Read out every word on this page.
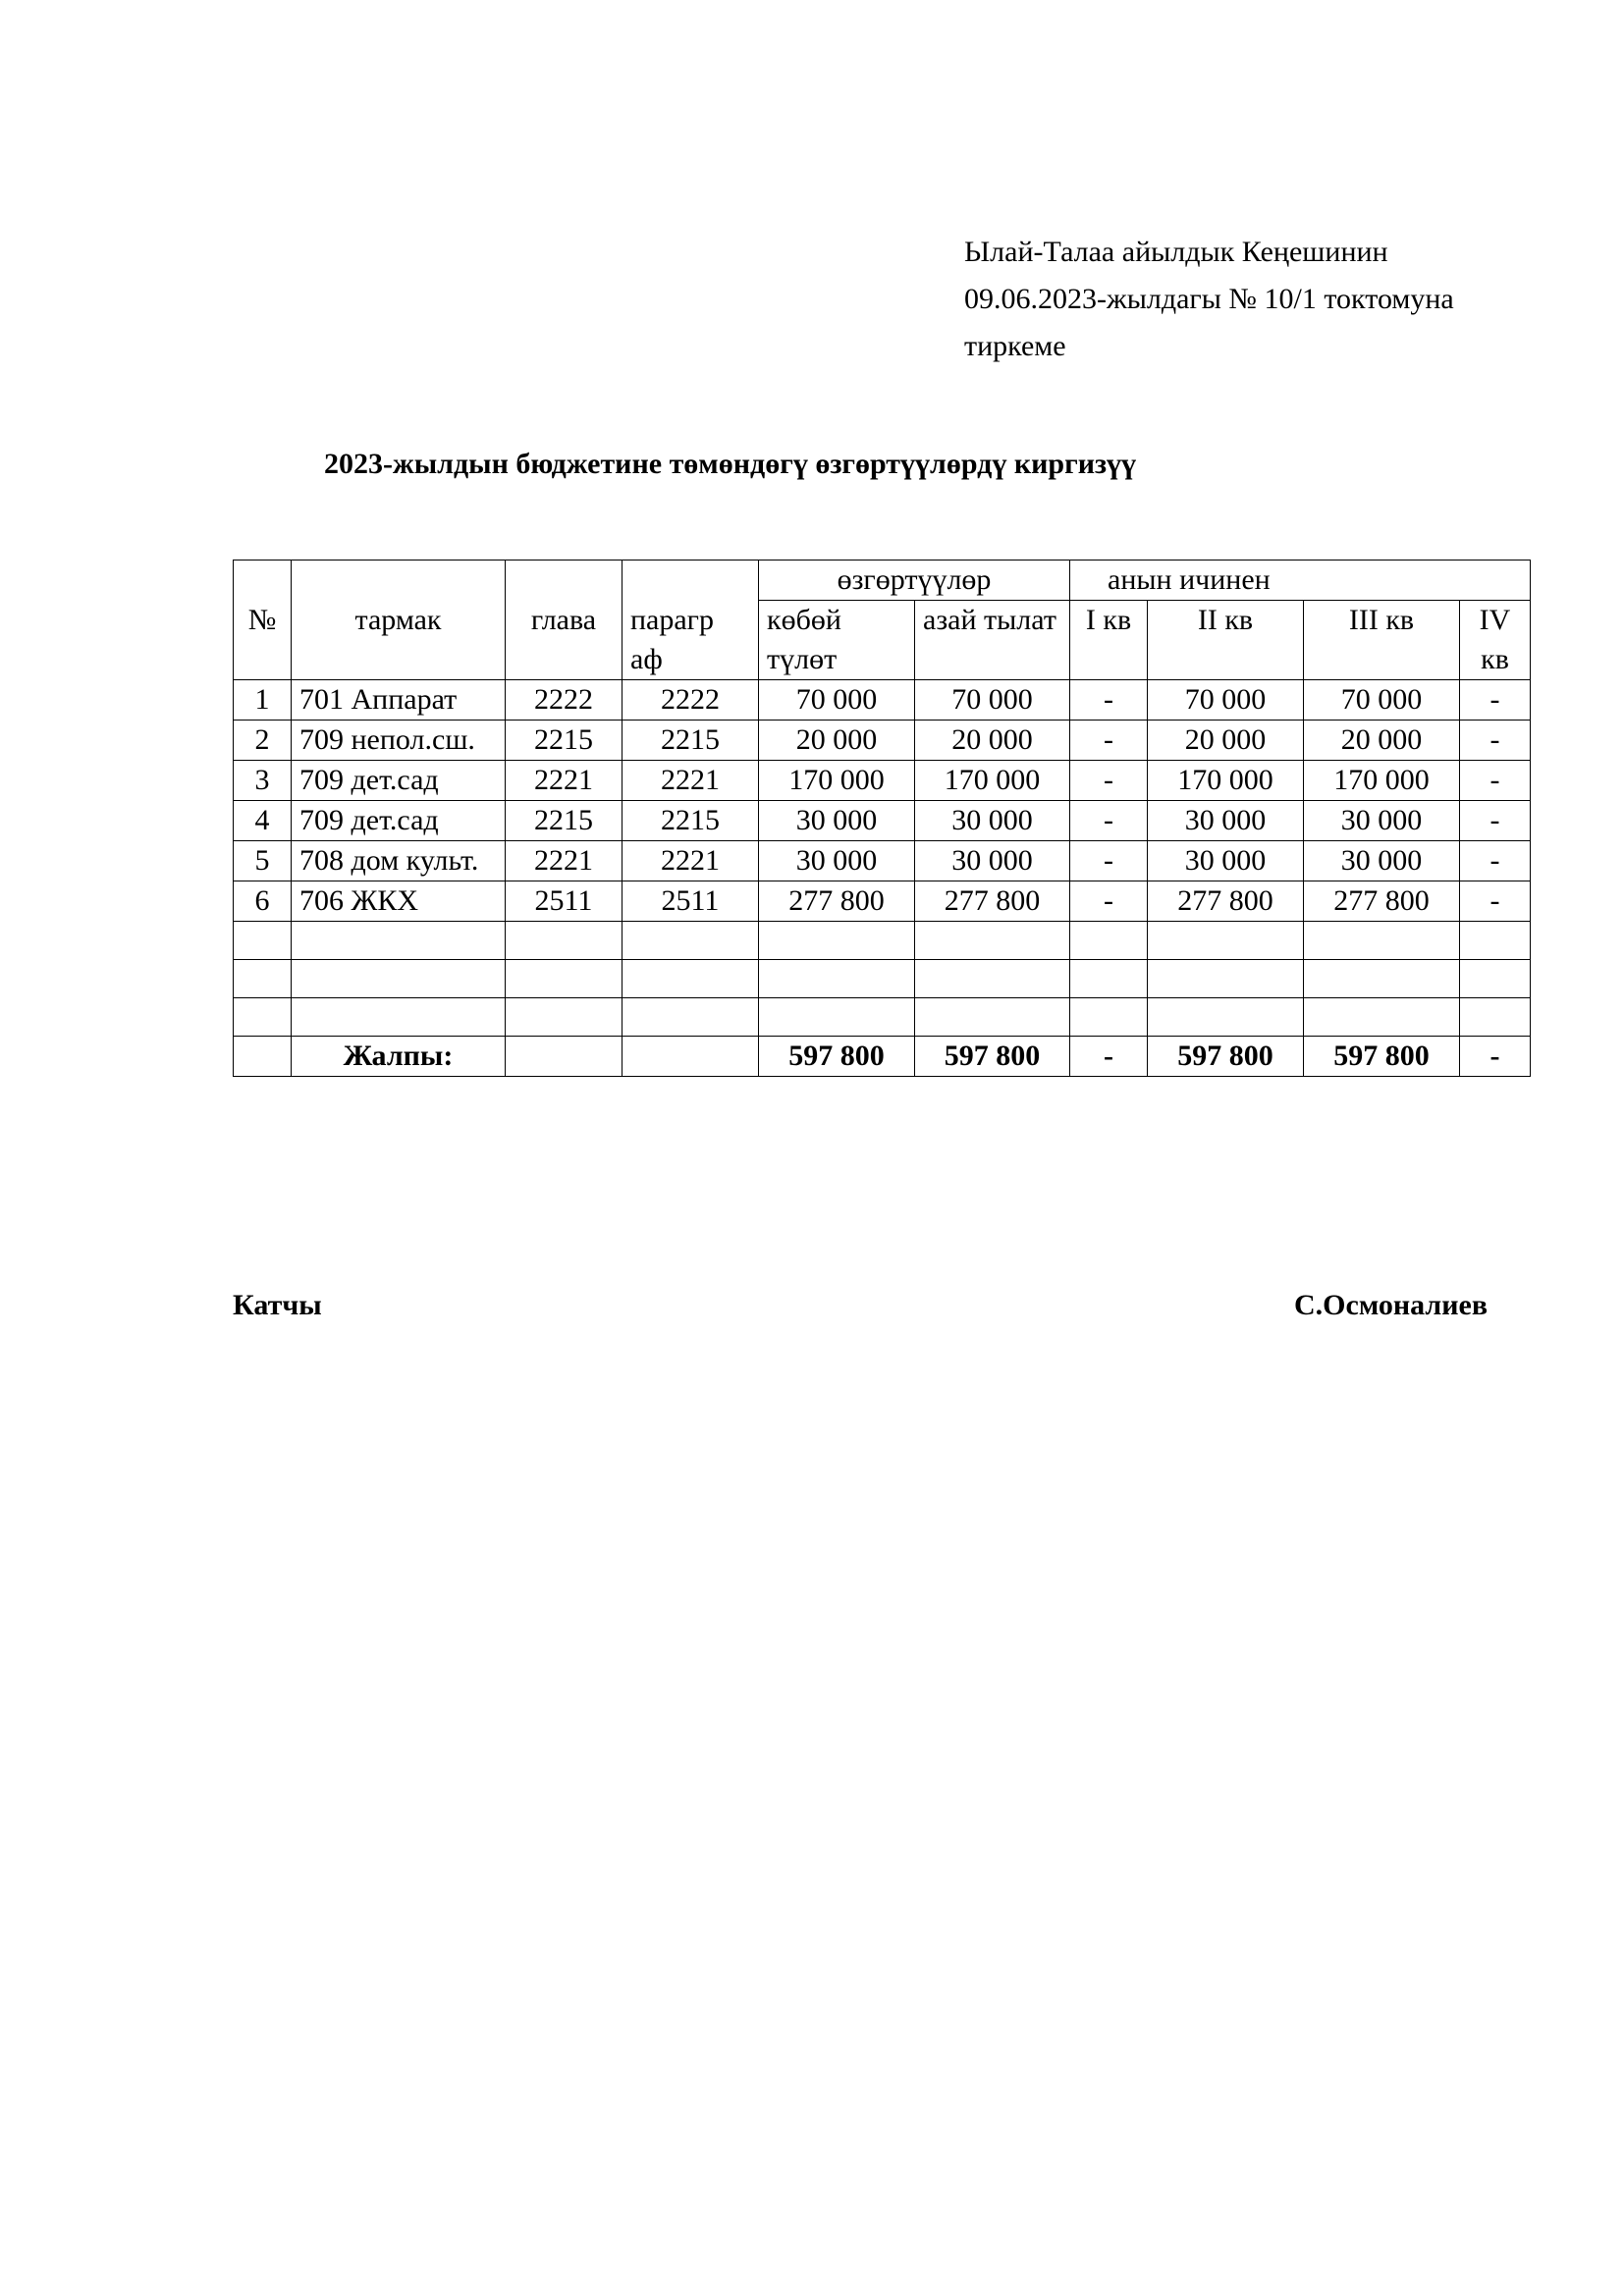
Ылай-Талаа айылдык Кеңешинин
09.06.2023-жылдагы № 10/1 токтомуна
тиркеме
2023-жылдын бюджетине төмөндөгү өзгөртүүлөрдү киргизүү
№	тармак	глава	парагр аф	өзгөртүүлөр		анын ичинен			
				көбөй түлөт	азай тылат	I кв	II кв	III кв	IV кв
1	701 Аппарат	2222	2222	70 000	70 000	-	70 000	70 000	-
2	709 непол.сш.	2215	2215	20 000	20 000	-	20 000	20 000	-
3	709 дет.сад	2221	2221	170 000	170 000	-	170 000	170 000	-
4	709 дет.сад	2215	2215	30 000	30 000	-	30 000	30 000	-
5	708 дом культ.	2221	2221	30 000	30 000	-	30 000	30 000	-
6	706 ЖКХ	2511	2511	277 800	277 800	-	277 800	277 800	-

	Жалпы:			597 800	597 800	-	597 800	597 800	-
Катчы	С.Осмоналиев
